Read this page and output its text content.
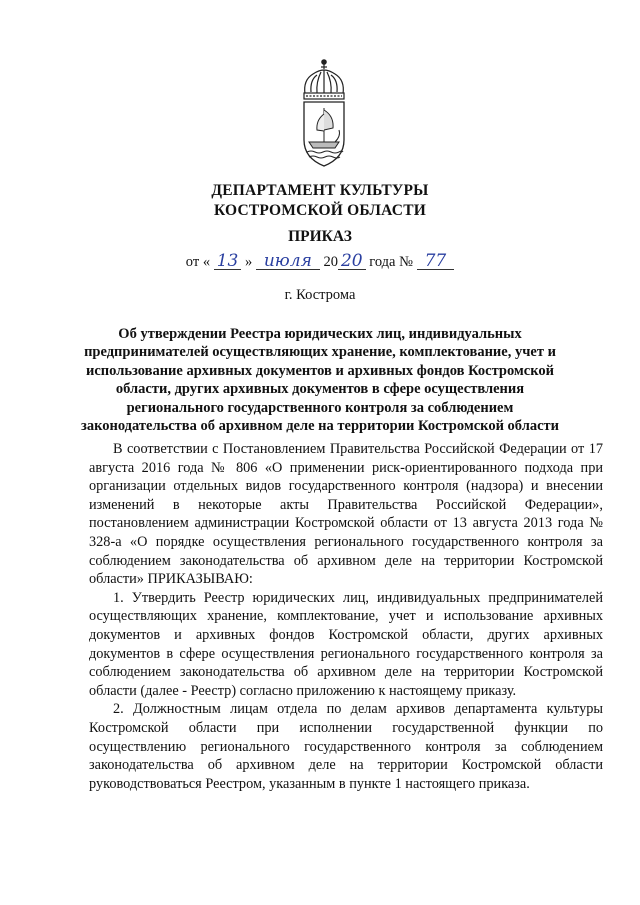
ДЕПАРТАМЕНТ КУЛЬТУРЫ
КОСТРОМСКОЙ ОБЛАСТИ
ПРИКАЗ
от « 13 » июля 20 20 года № 77
г. Кострома
Об утверждении Реестра юридических лиц, индивидуальных
предпринимателей осуществляющих хранение, комплектование, учет и
использование архивных документов и архивных фондов Костромской
области, других архивных документов в сфере осуществления
регионального государственного контроля за соблюдением
законодательства об архивном деле на территории Костромской области

В соответствии с Постановлением Правительства Российской Федерации от 17 августа 2016 года № 806 «О применении риск-ориентированного подхода при организации отдельных видов государственного контроля (надзора) и внесении изменений в некоторые акты Правительства Российской Федерации», постановлением администрации Костромской области от 13 августа 2013 года № 328-а «О порядке осуществления регионального государственного контроля за соблюдением законодательства об архивном деле на территории Костромской области» ПРИКАЗЫВАЮ:

1. Утвердить Реестр юридических лиц, индивидуальных предпринимателей осуществляющих хранение, комплектование, учет и использование архивных документов и архивных фондов Костромской области, других архивных документов в сфере осуществления регионального государственного контроля за соблюдением законодательства об архивном деле на территории Костромской области (далее - Реестр) согласно приложению к настоящему приказу.

2. Должностным лицам отдела по делам архивов департамента культуры Костромской области при исполнении государственной функции по осуществлению регионального государственного контроля за соблюдением законодательства об архивном деле на территории Костромской области руководствоваться Реестром, указанным в пункте 1 настоящего приказа.
